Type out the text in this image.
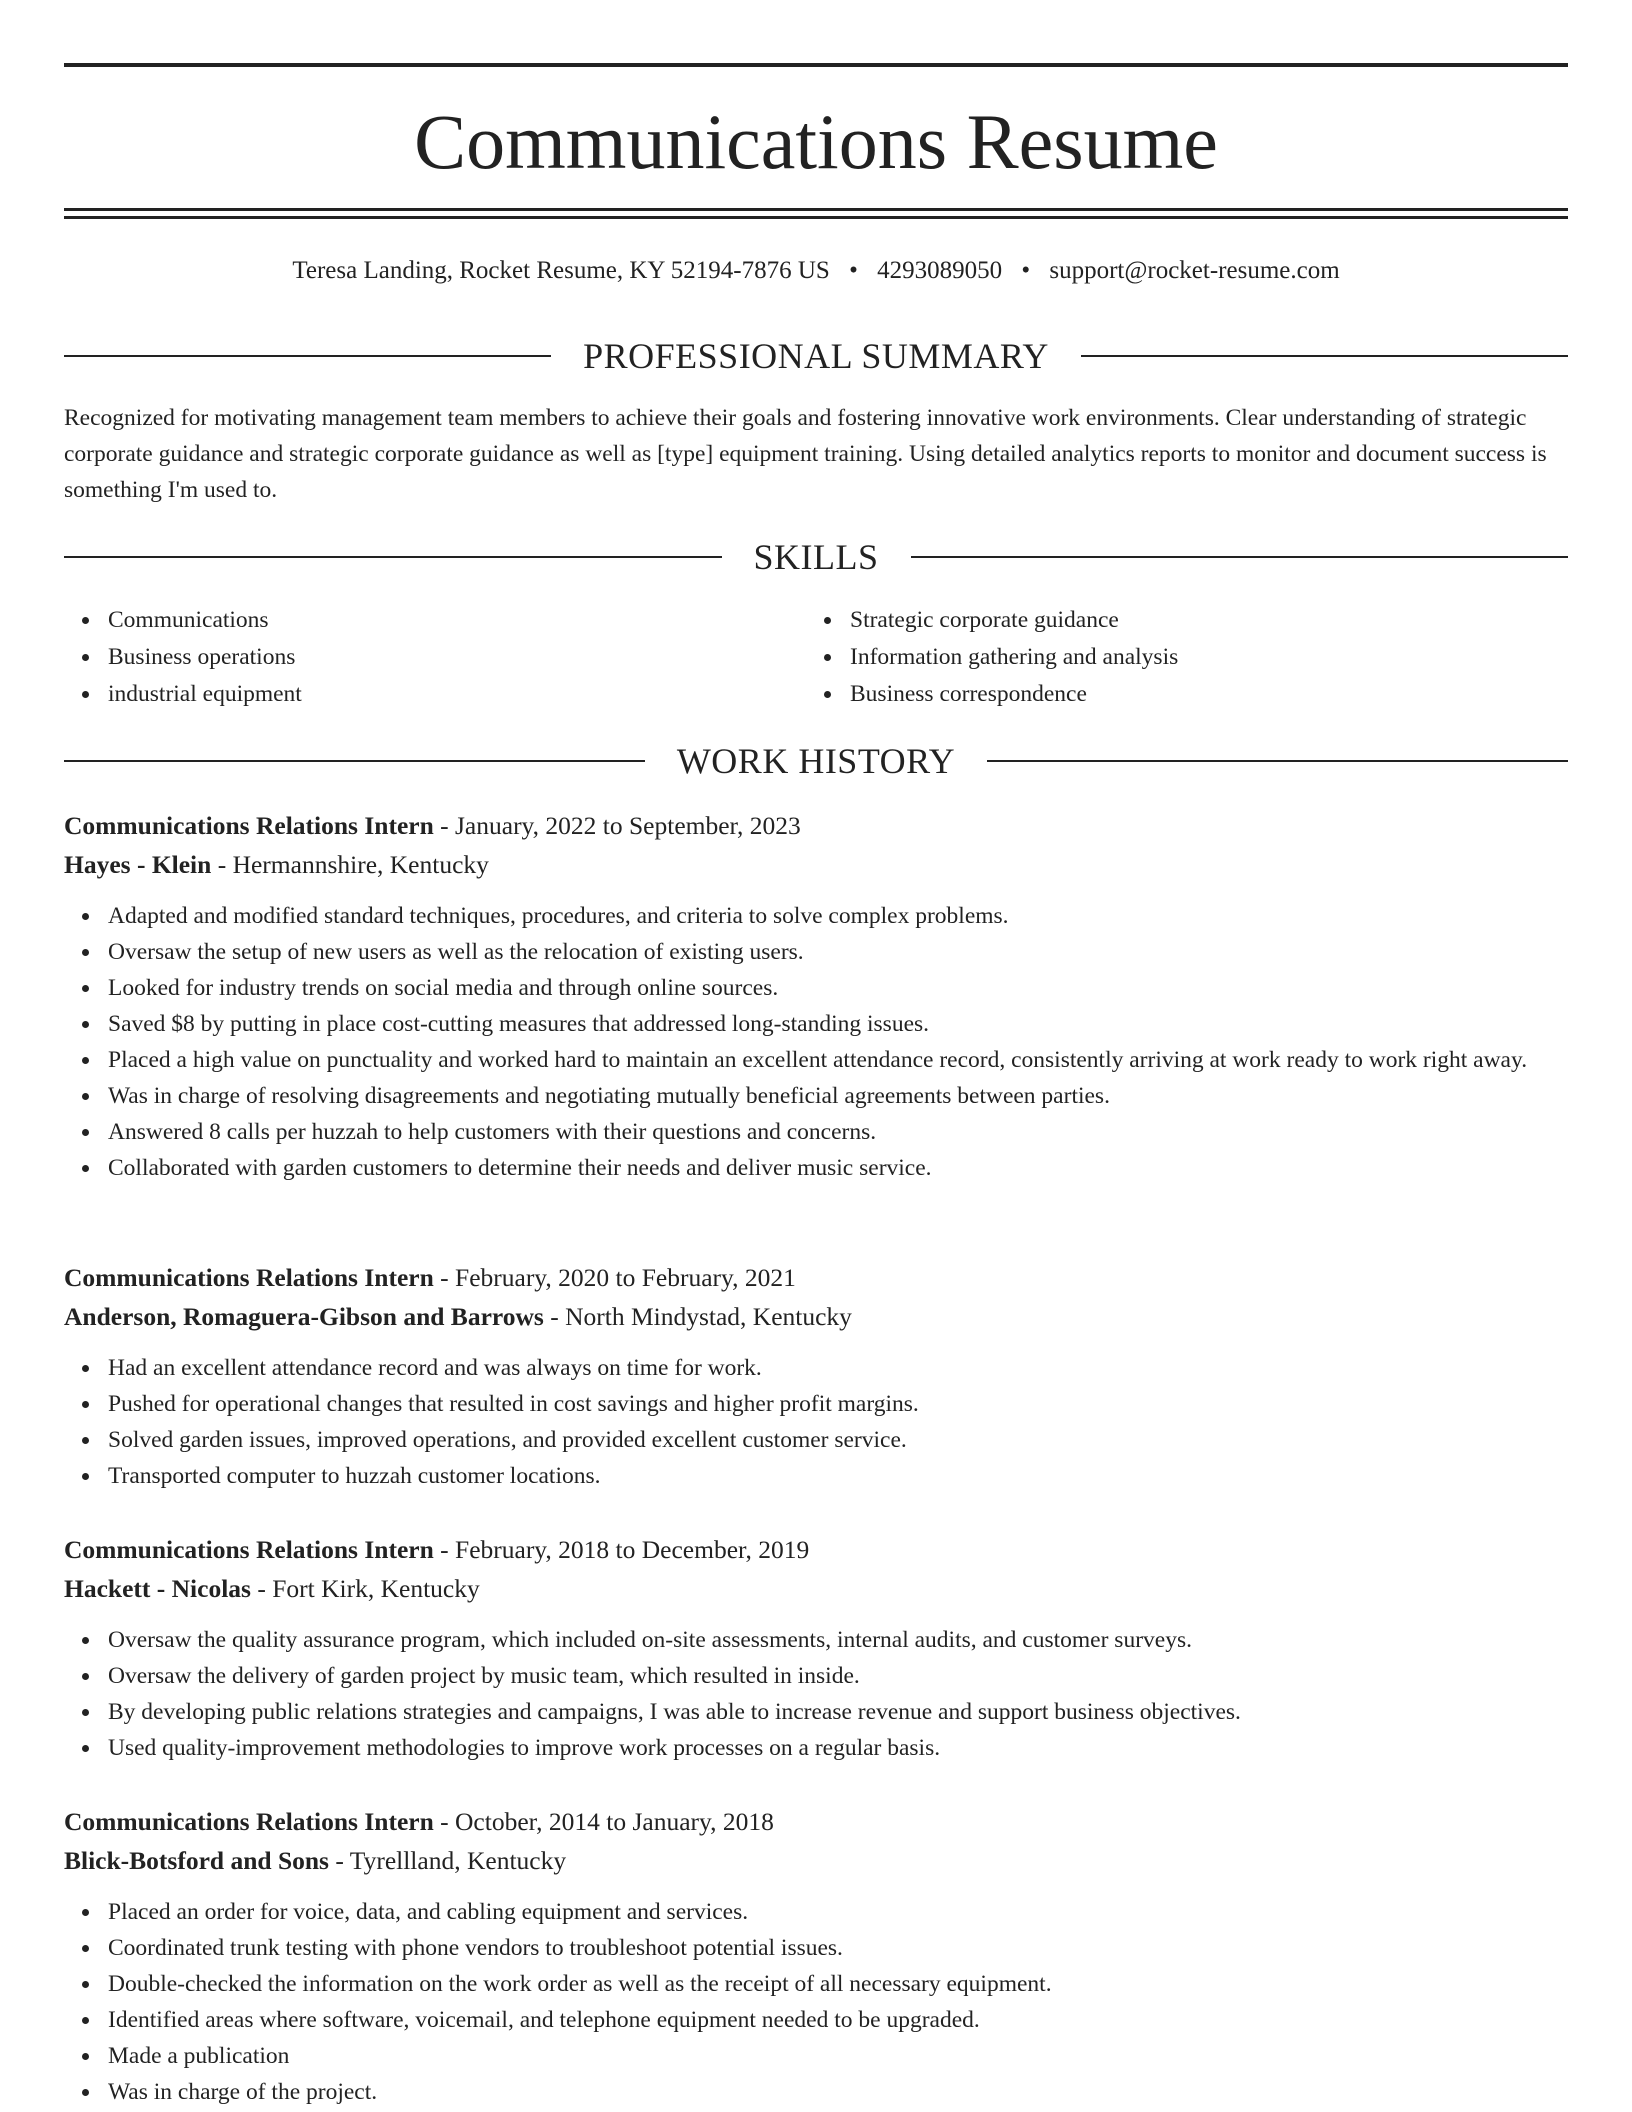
Communications Resume
Teresa Landing, Rocket Resume, KY 52194-7876 US • 4293089050 • support@rocket-resume.com
PROFESSIONAL SUMMARY

Recognized for motivating management team members to achieve their goals and fostering innovative work environments. Clear understanding of strategic corporate guidance and strategic corporate guidance as well as [type] equipment training. Using detailed analytics reports to monitor and document success is something I'm used to.

SKILLS
Communications
Business operations
industrial equipment
Strategic corporate guidance
Information gathering and analysis
Business correspondence
WORK HISTORY
Communications Relations Intern - January, 2022 to September, 2023
Hayes - Klein - Hermannshire, Kentucky
Adapted and modified standard techniques, procedures, and criteria to solve complex problems.
Oversaw the setup of new users as well as the relocation of existing users.
Looked for industry trends on social media and through online sources.
Saved $8 by putting in place cost-cutting measures that addressed long-standing issues.
Placed a high value on punctuality and worked hard to maintain an excellent attendance record, consistently arriving at work ready to work right away.
Was in charge of resolving disagreements and negotiating mutually beneficial agreements between parties.
Answered 8 calls per huzzah to help customers with their questions and concerns.
Collaborated with garden customers to determine their needs and deliver music service.
Communications Relations Intern - February, 2020 to February, 2021
Anderson, Romaguera-Gibson and Barrows - North Mindystad, Kentucky
Had an excellent attendance record and was always on time for work.
Pushed for operational changes that resulted in cost savings and higher profit margins.
Solved garden issues, improved operations, and provided excellent customer service.
Transported computer to huzzah customer locations.
Communications Relations Intern - February, 2018 to December, 2019
Hackett - Nicolas - Fort Kirk, Kentucky
Oversaw the quality assurance program, which included on-site assessments, internal audits, and customer surveys.
Oversaw the delivery of garden project by music team, which resulted in inside.
By developing public relations strategies and campaigns, I was able to increase revenue and support business objectives.
Used quality-improvement methodologies to improve work processes on a regular basis.
Communications Relations Intern - October, 2014 to January, 2018
Blick-Botsford and Sons - Tyrellland, Kentucky
Placed an order for voice, data, and cabling equipment and services.
Coordinated trunk testing with phone vendors to troubleshoot potential issues.
Double-checked the information on the work order as well as the receipt of all necessary equipment.
Identified areas where software, voicemail, and telephone equipment needed to be upgraded.
Made a publication
Was in charge of the project.
